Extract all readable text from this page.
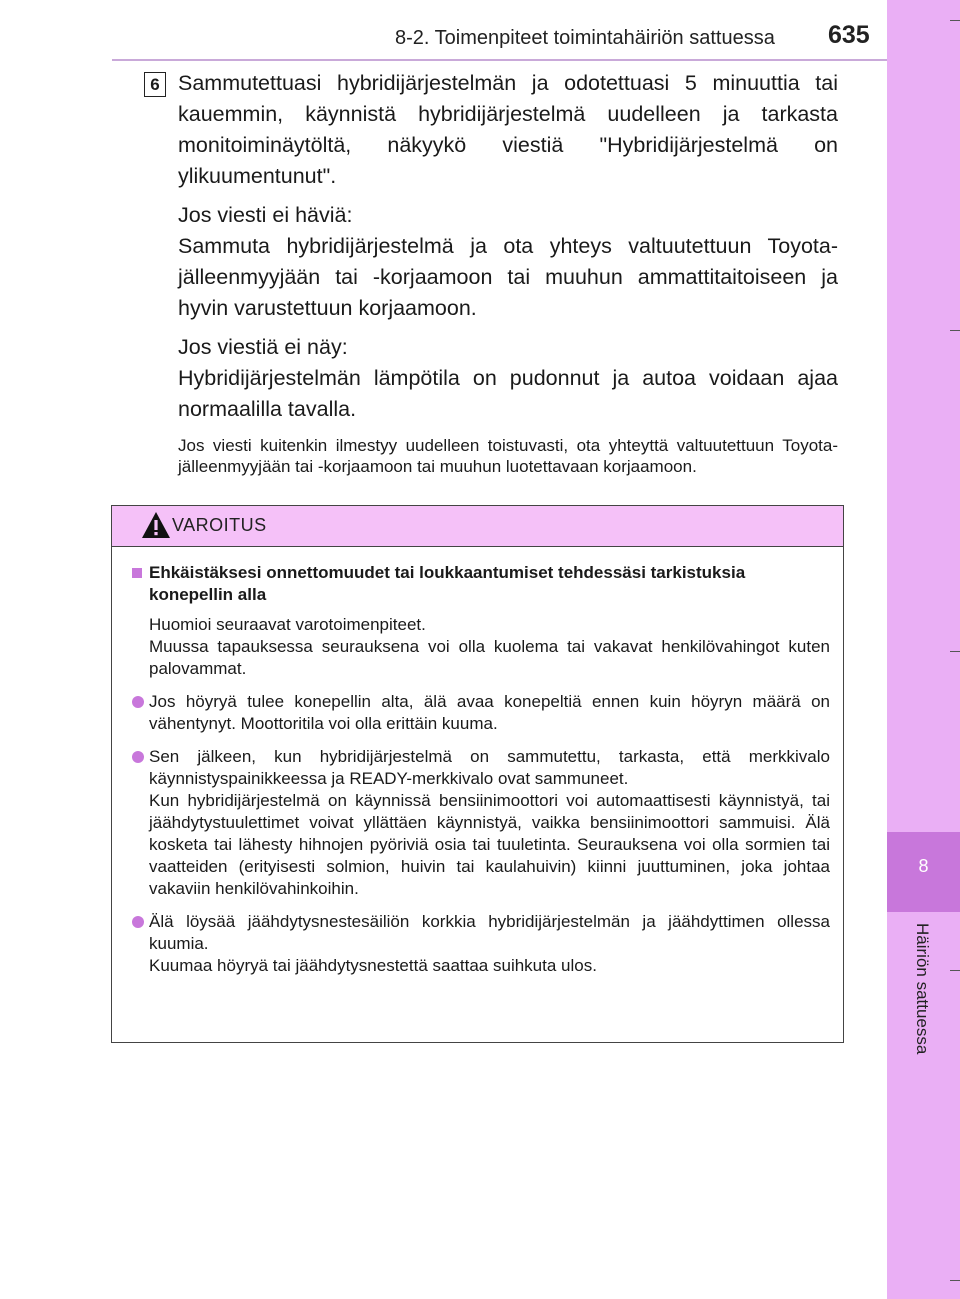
8-2. Toimenpiteet toimintahäiriön sattuessa 635
8
Häiriön sattuessa
6 Sammutettuasi hybridijärjestelmän ja odotettuasi 5 minuuttia tai kauemmin, käynnistä hybridijärjestelmä uudelleen ja tarkasta monitoiminäytöltä, näkyykö viestiä "Hybridijärjestelmä on ylikuumentunut".

Jos viesti ei häviä:

Sammuta hybridijärjestelmä ja ota yhteys valtuutettuun Toyota-jälleenmyyjään tai -korjaamoon tai muuhun ammattitaitoiseen ja hyvin varustettuun korjaamoon.

Jos viestiä ei näy:

Hybridijärjestelmän lämpötila on pudonnut ja autoa voidaan ajaa normaalilla tavalla.

Jos viesti kuitenkin ilmestyy uudelleen toistuvasti, ota yhteyttä valtuutettuun Toyota-jälleenmyyjään tai -korjaamoon tai muuhun luotettavaan korjaamoon.

VAROITUS
Ehkäistäksesi onnettomuudet tai loukkaantumiset tehdessäsi tarkistuksia konepellin alla
Huomioi seuraavat varotoimenpiteet.
Muussa tapauksessa seurauksena voi olla kuolema tai vakavat henkilövahingot kuten palovammat.
Jos höyryä tulee konepellin alta, älä avaa konepeltiä ennen kuin höyryn määrä on vähentynyt. Moottoritila voi olla erittäin kuuma.
Sen jälkeen, kun hybridijärjestelmä on sammutettu, tarkasta, että merkkivalo käynnistyspainikkeessa ja READY-merkkivalo ovat sammuneet.
Kun hybridijärjestelmä on käynnissä bensiinimoottori voi automaattisesti käynnistyä, tai jäähdytystuulettimet voivat yllättäen käynnistyä, vaikka bensiinimoottori sammuisi. Älä kosketa tai lähesty hihnojen pyöriviä osia tai tuuletinta. Seurauksena voi olla sormien tai vaatteiden (erityisesti solmion, huivin tai kaulahuivin) kiinni juuttuminen, joka johtaa vakaviin henkilövahinkoihin.
Älä löysää jäähdytysnestesäiliön korkkia hybridijärjestelmän ja jäähdyttimen ollessa kuumia.
Kuumaa höyryä tai jäähdytysnestettä saattaa suihkuta ulos.
